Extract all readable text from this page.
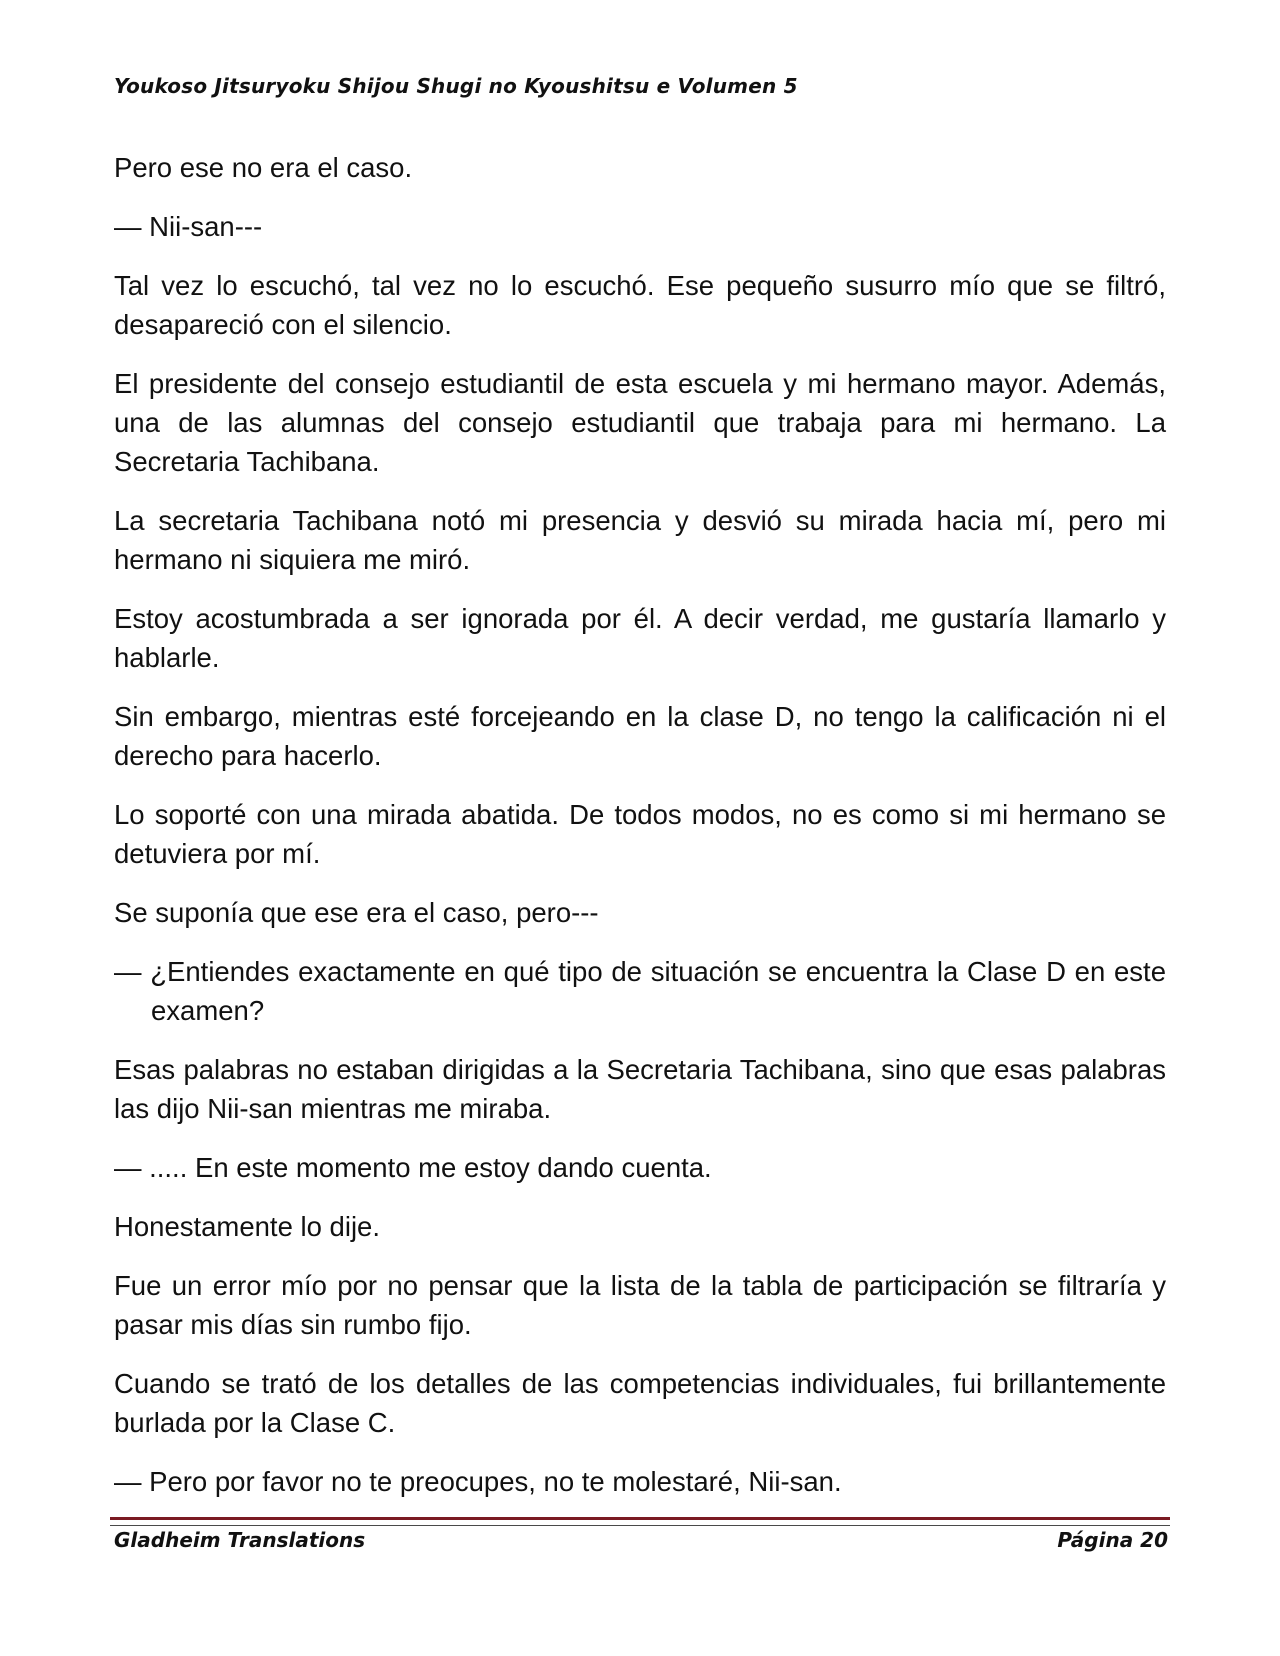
Youkoso Jitsuryoku Shijou Shugi no Kyoushitsu e Volumen 5

Pero ese no era el caso.

— Nii-san---

Tal vez lo escuchó, tal vez no lo escuchó. Ese pequeño susurro mío que se filtró, desapareció con el silencio.

El presidente del consejo estudiantil de esta escuela y mi hermano mayor. Además, una de las alumnas del consejo estudiantil que trabaja para mi hermano. La Secretaria Tachibana.

La secretaria Tachibana notó mi presencia y desvió su mirada hacia mí, pero mi hermano ni siquiera me miró.

Estoy acostumbrada a ser ignorada por él. A decir verdad, me gustaría llamarlo y hablarle.

Sin embargo, mientras esté forcejeando en la clase D, no tengo la calificación ni el derecho para hacerlo.

Lo soporté con una mirada abatida. De todos modos, no es como si mi hermano se detuviera por mí.

Se suponía que ese era el caso, pero---

— ¿Entiendes exactamente en qué tipo de situación se encuentra la Clase D en este examen?

Esas palabras no estaban dirigidas a la Secretaria Tachibana, sino que esas palabras las dijo Nii-san mientras me miraba.

— ..... En este momento me estoy dando cuenta.

Honestamente lo dije.

Fue un error mío por no pensar que la lista de la tabla de participación se filtraría y pasar mis días sin rumbo fijo.

Cuando se trató de los detalles de las competencias individuales, fui brillantemente burlada por la Clase C.

— Pero por favor no te preocupes, no te molestaré, Nii-san.

Gladheim Translations	Página 20
